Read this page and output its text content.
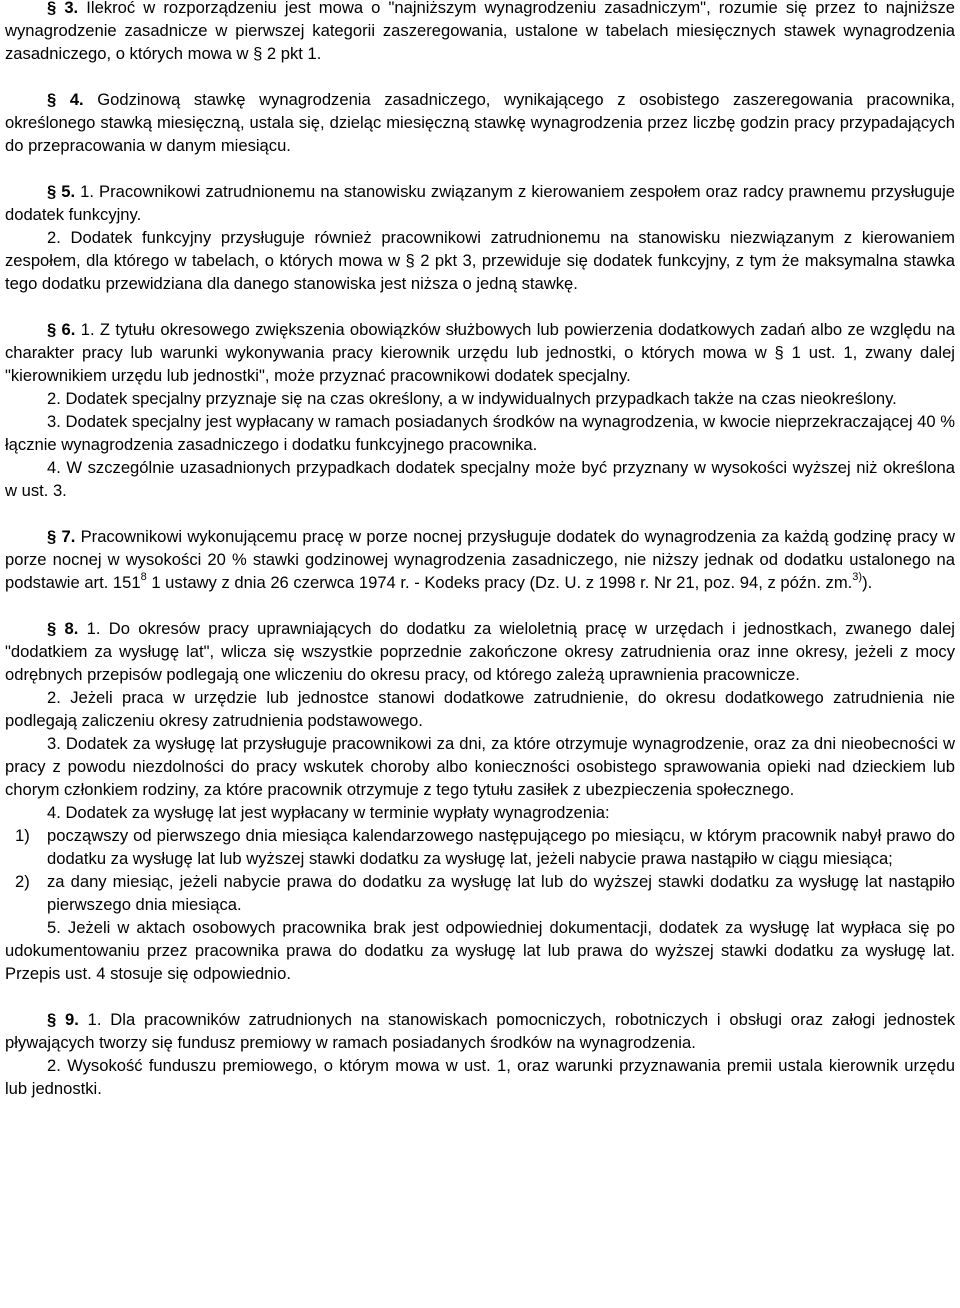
§ 3. Ilekroć w rozporządzeniu jest mowa o "najniższym wynagrodzeniu zasadniczym", rozumie się przez to najniższe wynagrodzenie zasadnicze w pierwszej kategorii zaszeregowania, ustalone w tabelach miesięcznych stawek wynagrodzenia zasadniczego, o których mowa w § 2 pkt 1.

§ 4. Godzinową stawkę wynagrodzenia zasadniczego, wynikającego z osobistego zaszeregowania pracownika, określonego stawką miesięczną, ustala się, dzieląc miesięczną stawkę wynagrodzenia przez liczbę godzin pracy przypadających do przepracowania w danym miesiącu.

§ 5. 1. Pracownikowi zatrudnionemu na stanowisku związanym z kierowaniem zespołem oraz radcy prawnemu przysługuje dodatek funkcyjny.

2. Dodatek funkcyjny przysługuje również pracownikowi zatrudnionemu na stanowisku niezwiązanym z kierowaniem zespołem, dla którego w tabelach, o których mowa w § 2 pkt 3, przewiduje się dodatek funkcyjny, z tym że maksymalna stawka tego dodatku przewidziana dla danego stanowiska jest niższa o jedną stawkę.

§ 6. 1. Z tytułu okresowego zwiększenia obowiązków służbowych lub powierzenia dodatkowych zadań albo ze względu na charakter pracy lub warunki wykonywania pracy kierownik urzędu lub jednostki, o których mowa w § 1 ust. 1, zwany dalej "kierownikiem urzędu lub jednostki", może przyznać pracownikowi dodatek specjalny.

2. Dodatek specjalny przyznaje się na czas określony, a w indywidualnych przypadkach także na czas nieokreślony.

3. Dodatek specjalny jest wypłacany w ramach posiadanych środków na wynagrodzenia, w kwocie nieprzekraczającej 40 % łącznie wynagrodzenia zasadniczego i dodatku funkcyjnego pracownika.

4. W szczególnie uzasadnionych przypadkach dodatek specjalny może być przyznany w wysokości wyższej niż określona w ust. 3.

§ 7. Pracownikowi wykonującemu pracę w porze nocnej przysługuje dodatek do wynagrodzenia za każdą godzinę pracy w porze nocnej w wysokości 20 % stawki godzinowej wynagrodzenia zasadniczego, nie niższy jednak od dodatku ustalonego na podstawie art. $151^8$ 1 ustawy z dnia 26 czerwca 1974 r. - Kodeks pracy (Dz. U. z 1998 r. Nr 21, poz. 94, z późn. zm.$^{3)}$).

§ 8. 1. Do okresów pracy uprawniających do dodatku za wieloletnią pracę w urzędach i jednostkach, zwanego dalej "dodatkiem za wysługę lat", wlicza się wszystkie poprzednie zakończone okresy zatrudnienia oraz inne okresy, jeżeli z mocy odrębnych przepisów podlegają one wliczeniu do okresu pracy, od którego zależą uprawnienia pracownicze.

2. Jeżeli praca w urzędzie lub jednostce stanowi dodatkowe zatrudnienie, do okresu dodatkowego zatrudnienia nie podlegają zaliczeniu okresy zatrudnienia podstawowego.

3. Dodatek za wysługę lat przysługuje pracownikowi za dni, za które otrzymuje wynagrodzenie, oraz za dni nieobecności w pracy z powodu niezdolności do pracy wskutek choroby albo konieczności osobistego sprawowania opieki nad dzieckiem lub chorym członkiem rodziny, za które pracownik otrzymuje z tego tytułu zasiłek z ubezpieczenia społecznego.

4. Dodatek za wysługę lat jest wypłacany w terminie wypłaty wynagrodzenia:

1)	począwszy od pierwszego dnia miesiąca kalendarzowego następującego po miesiącu, w którym pracownik nabył prawo do dodatku za wysługę lat lub wyższej stawki dodatku za wysługę lat, jeżeli nabycie prawa nastąpiło w ciągu miesiąca;
2)	za dany miesiąc, jeżeli nabycie prawa do dodatku za wysługę lat lub do wyższej stawki dodatku za wysługę lat nastąpiło pierwszego dnia miesiąca.

5. Jeżeli w aktach osobowych pracownika brak jest odpowiedniej dokumentacji, dodatek za wysługę lat wypłaca się po udokumentowaniu przez pracownika prawa do dodatku za wysługę lat lub prawa do wyższej stawki dodatku za wysługę lat. Przepis ust. 4 stosuje się odpowiednio.

§ 9. 1. Dla pracowników zatrudnionych na stanowiskach pomocniczych, robotniczych i obsługi oraz załogi jednostek pływających tworzy się fundusz premiowy w ramach posiadanych środków na wynagrodzenia.

2. Wysokość funduszu premiowego, o którym mowa w ust. 1, oraz warunki przyznawania premii ustala kierownik urzędu lub jednostki.
